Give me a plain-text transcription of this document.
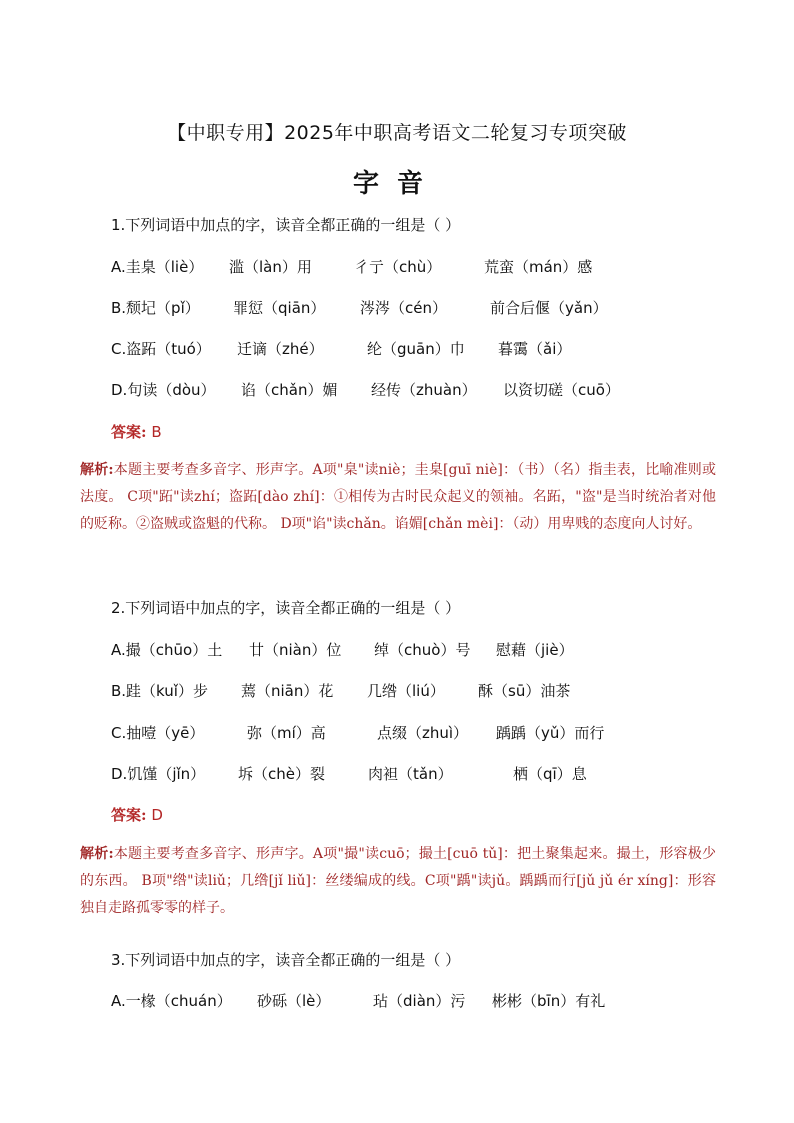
【中职专用】2025年中职高考语文二轮复习专项突破
字音
1.下列词语中加点的字，读音全都正确的一组是（ ）
A.圭臬（liè）	滥（làn）用	彳亍（chù）	荒蛮（mán）感
B.颓圮（pǐ）	罪愆（qiān）	涔涔（cén）	前合后偃（yǎn）
C.盗跖（tuó）	迁谪（zhé）	纶（guān）巾	暮霭（ǎi）
D.句读（dòu）	谄（chǎn）媚	经传（zhuàn）	以资切磋（cuō）
答案: B
解析:本题主要考查多音字、形声字。A项"臬"读niè；圭臬[guī niè]：（书）（名）指圭表，比喻准则或法度。 C项"跖"读zhí；盗跖[dào zhí]：①相传为古时民众起义的领袖。名跖，"盗"是当时统治者对他的贬称。②盗贼或盗魁的代称。 D项"谄"读chǎn。谄媚[chǎn mèi]：（动）用卑贱的态度向人讨好。
2.下列词语中加点的字，读音全都正确的一组是（ ）
A.撮（chūo）土	廿（niàn）位	绰（chuò）号	慰藉（jiè）
B.跬（kuǐ）步	蔫（niān）花	几绺（liú）	酥（sū）油茶
C.抽噎（yē）	弥（mí）高	点缀（zhuì）	踽踽（yǔ）而行
D.饥馑（jǐn）	坼（chè）裂	肉袒（tǎn）	栖（qī）息
答案: D
解析:本题主要考查多音字、形声字。A项"撮"读cuō；撮土[cuō tǔ]：把土聚集起来。撮土，形容极少的东西。 B项"绺"读liǔ；几绺[jǐ liǔ]：丝缕编成的线。C项"踽"读jǔ。踽踽而行[jǔ jǔ ér xíng]：形容独自走路孤零零的样子。
3.下列词语中加点的字，读音全都正确的一组是（ ）
A.一椽（chuán）	砂砾（lè）	玷（diàn）污	彬彬（bīn）有礼
